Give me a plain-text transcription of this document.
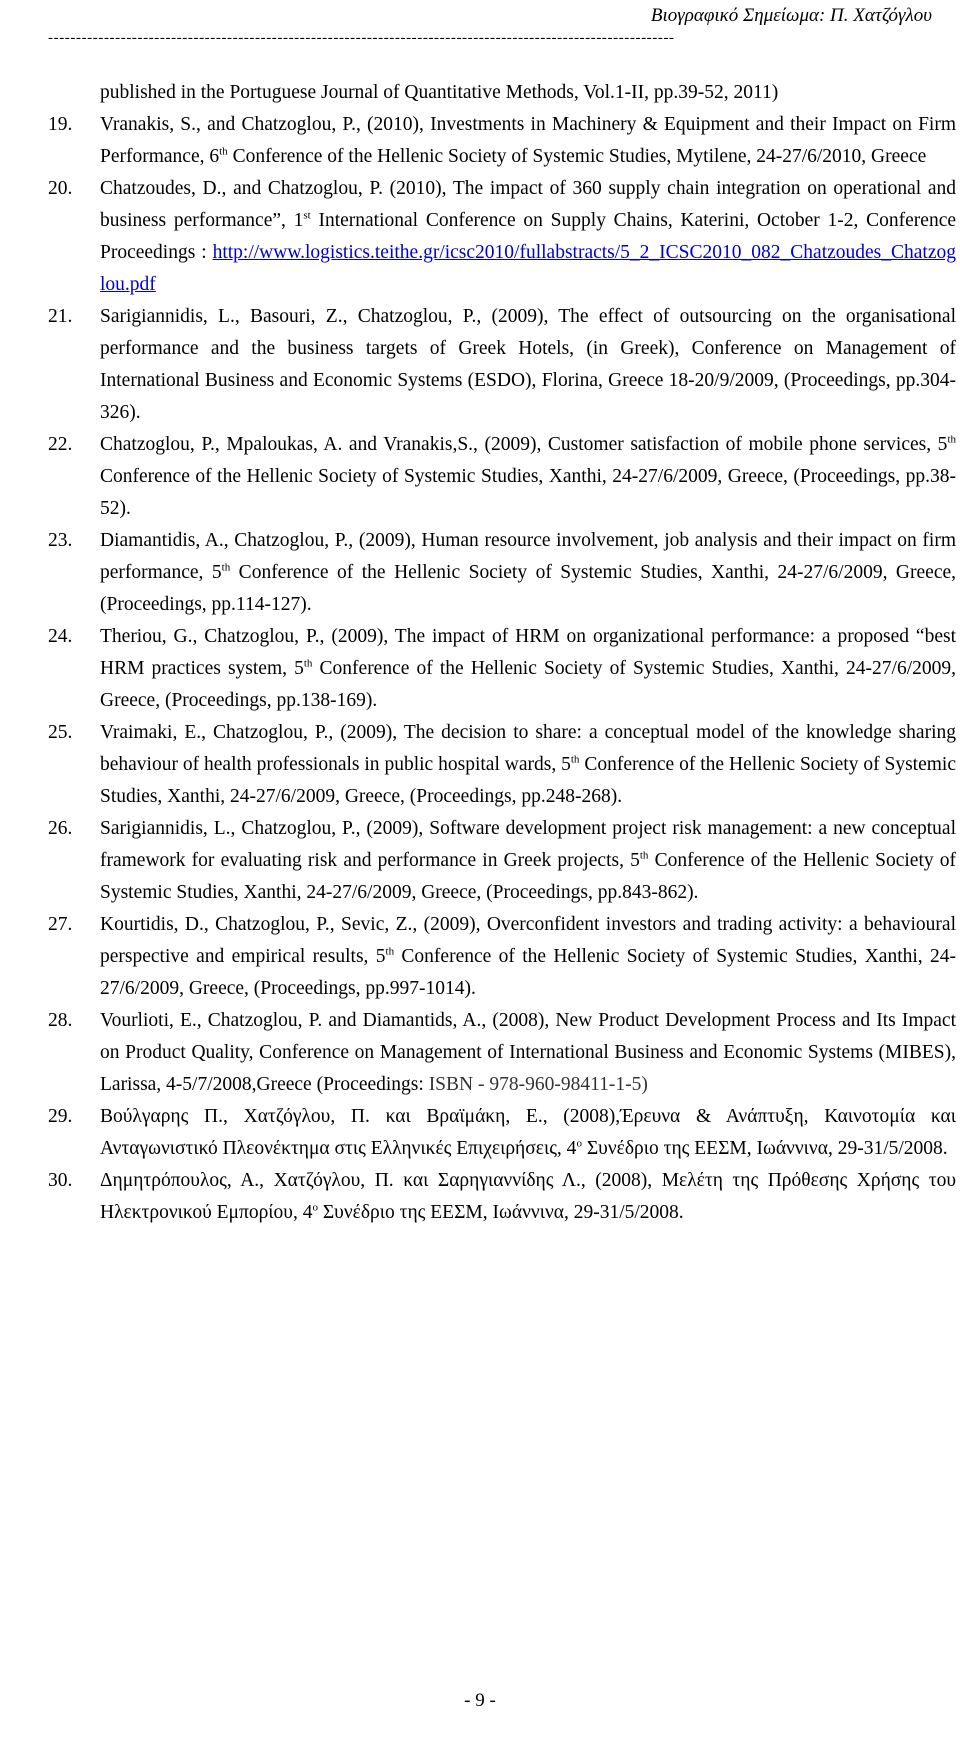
Βιογραφικό Σημείωμα: Π. Χατζόγλου
----------------------------------------------------------------------------------------------------------------
published in the Portuguese Journal of Quantitative Methods, Vol.1-II, pp.39-52, 2011)
19.	Vranakis, S., and Chatzoglou, P., (2010), Investments in Machinery & Equipment and their Impact on Firm Performance, 6th Conference of the Hellenic Society of Systemic Studies, Mytilene, 24-27/6/2010, Greece
20.	Chatzoudes, D., and Chatzoglou, P. (2010), The impact of 360 supply chain integration on operational and business performance”, 1st International Conference on Supply Chains, Katerini, October 1-2, Conference Proceedings : http://www.logistics.teithe.gr/icsc2010/fullabstracts/5_2_ICSC2010_082_Chatzoudes_Chatzoglou.pdf
21.	Sarigiannidis, L., Basouri, Z., Chatzoglou, P., (2009), The effect of outsourcing on the organisational performance and the business targets of Greek Hotels, (in Greek), Conference on Management of International Business and Economic Systems (ESDO), Florina, Greece 18-20/9/2009, (Proceedings, pp.304-326).
22.	Chatzoglou, P., Mpaloukas, A. and Vranakis,S., (2009), Customer satisfaction of mobile phone services, 5th Conference of the Hellenic Society of Systemic Studies, Xanthi, 24-27/6/2009, Greece, (Proceedings, pp.38-52).
23.	Diamantidis, A., Chatzoglou, P., (2009), Human resource involvement, job analysis and their impact on firm performance, 5th Conference of the Hellenic Society of Systemic Studies, Xanthi, 24-27/6/2009, Greece, (Proceedings, pp.114-127).
24.	Theriou, G., Chatzoglou, P., (2009), The impact of HRM on organizational performance: a proposed “best HRM practices system, 5th Conference of the Hellenic Society of Systemic Studies, Xanthi, 24-27/6/2009, Greece, (Proceedings, pp.138-169).
25.	Vraimaki, E., Chatzoglou, P., (2009), The decision to share: a conceptual model of the knowledge sharing behaviour of health professionals in public hospital wards, 5th Conference of the Hellenic Society of Systemic Studies, Xanthi, 24-27/6/2009, Greece, (Proceedings, pp.248-268).
26.	Sarigiannidis, L., Chatzoglou, P., (2009), Software development project risk management: a new conceptual framework for evaluating risk and performance in Greek projects, 5th Conference of the Hellenic Society of Systemic Studies, Xanthi, 24-27/6/2009, Greece, (Proceedings, pp.843-862).
27.	Kourtidis, D., Chatzoglou, P., Sevic, Z., (2009), Overconfident investors and trading activity: a behavioural perspective and empirical results, 5th Conference of the Hellenic Society of Systemic Studies, Xanthi, 24-27/6/2009, Greece, (Proceedings, pp.997-1014).
28.	Vourlioti, E., Chatzoglou, P. and Diamantids, A., (2008), New Product Development Process and Its Impact on Product Quality, Conference on Management of International Business and Economic Systems (MIBES), Larissa, 4-5/7/2008,Greece (Proceedings: ISBN - 978-960-98411-1-5)
29.	Βούλγαρης Π., Χατζόγλου, Π. και Βραϊμάκη, Ε., (2008),Έρευνα & Ανάπτυξη, Καινοτομία και Ανταγωνιστικό Πλεονέκτημα στις Ελληνικές Επιχειρήσεις, $4^o$ Συνέδριο της ΕΕΣΜ, Ιωάννινα, 29-31/5/2008.
30.	Δημητρόπουλος, Α., Χατζόγλου, Π. και Σαρηγιαννίδης Λ., (2008), Μελέτη της Πρόθεσης Χρήσης του Ηλεκτρονικού Εμπορίου, $4^o$ Συνέδριο της ΕΕΣΜ, Ιωάννινα, 29-31/5/2008.
- 9 -
